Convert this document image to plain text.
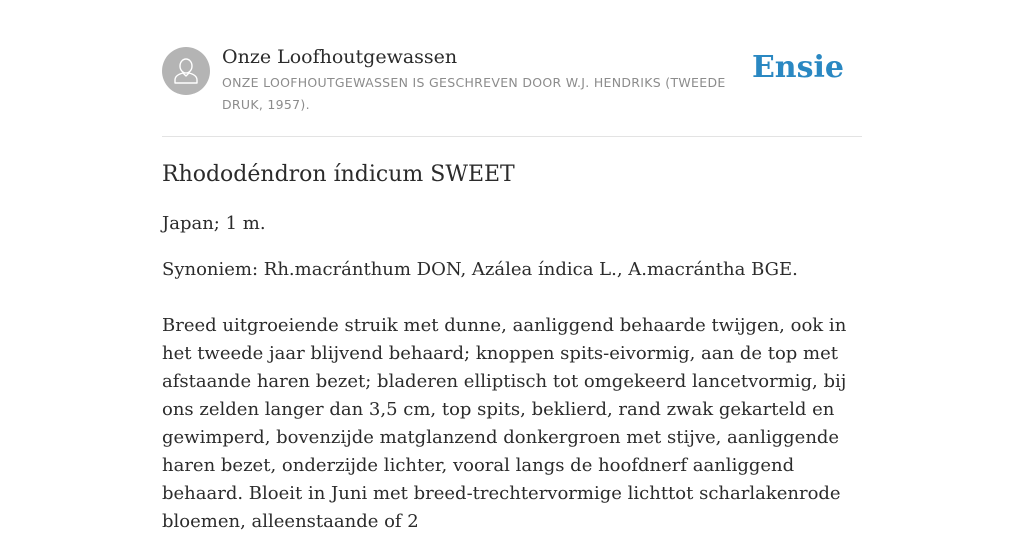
Onze Loofhoutgewassen
ONZE LOOFHOUTGEWASSEN IS GESCHREVEN DOOR W.J. HENDRIKS (TWEEDE DRUK, 1957).
Ensie
Rhododéndron índicum SWEET

Japan; 1 m.

Synoniem: Rh.macránthum DON, Azálea índica L., A.macrántha BGE.

Breed uitgroeiende struik met dunne, aanliggend behaarde twijgen, ook in het tweede jaar blijvend behaard; knoppen spits-eivormig, aan de top met afstaande haren bezet; bladeren elliptisch tot omgekeerd lancetvormig, bij ons zelden langer dan 3,5 cm, top spits, beklierd, rand zwak gekarteld en gewimperd, bovenzijde matglanzend donkergroen met stijve, aanliggende haren bezet, onderzijde lichter, vooral langs de hoofdnerf aanliggend behaard. Bloeit in Juni met breed-trechtervormige lichttot scharlakenrode bloemen, alleenstaande of 2
